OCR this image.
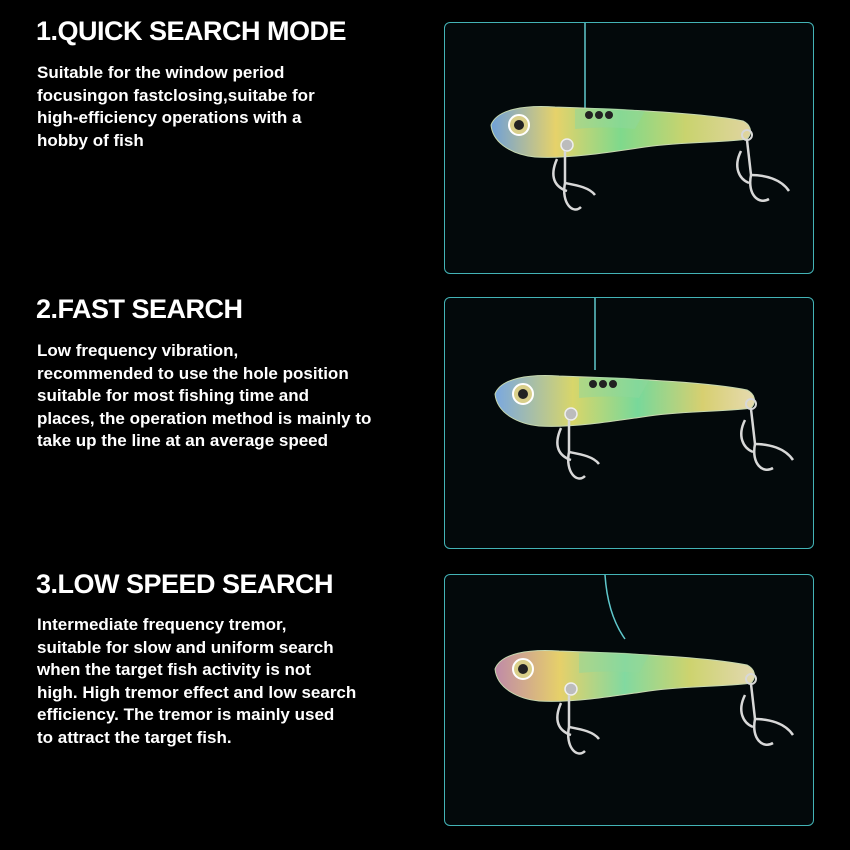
1.QUICK SEARCH MODE
Suitable for the window period
focusingon fastclosing,suitabe for
high-efficiency operations with a
hobby of fish
2.FAST SEARCH
Low frequency vibration,
recommended to use the hole position
suitable for most fishing time and
places, the operation method is mainly to
take up the line at an average speed
3.LOW SPEED SEARCH
Intermediate frequency tremor,
suitable for slow and uniform search
when the target fish activity is not
high. High tremor effect and low search
efficiency. The tremor is mainly used
to attract the target fish.
